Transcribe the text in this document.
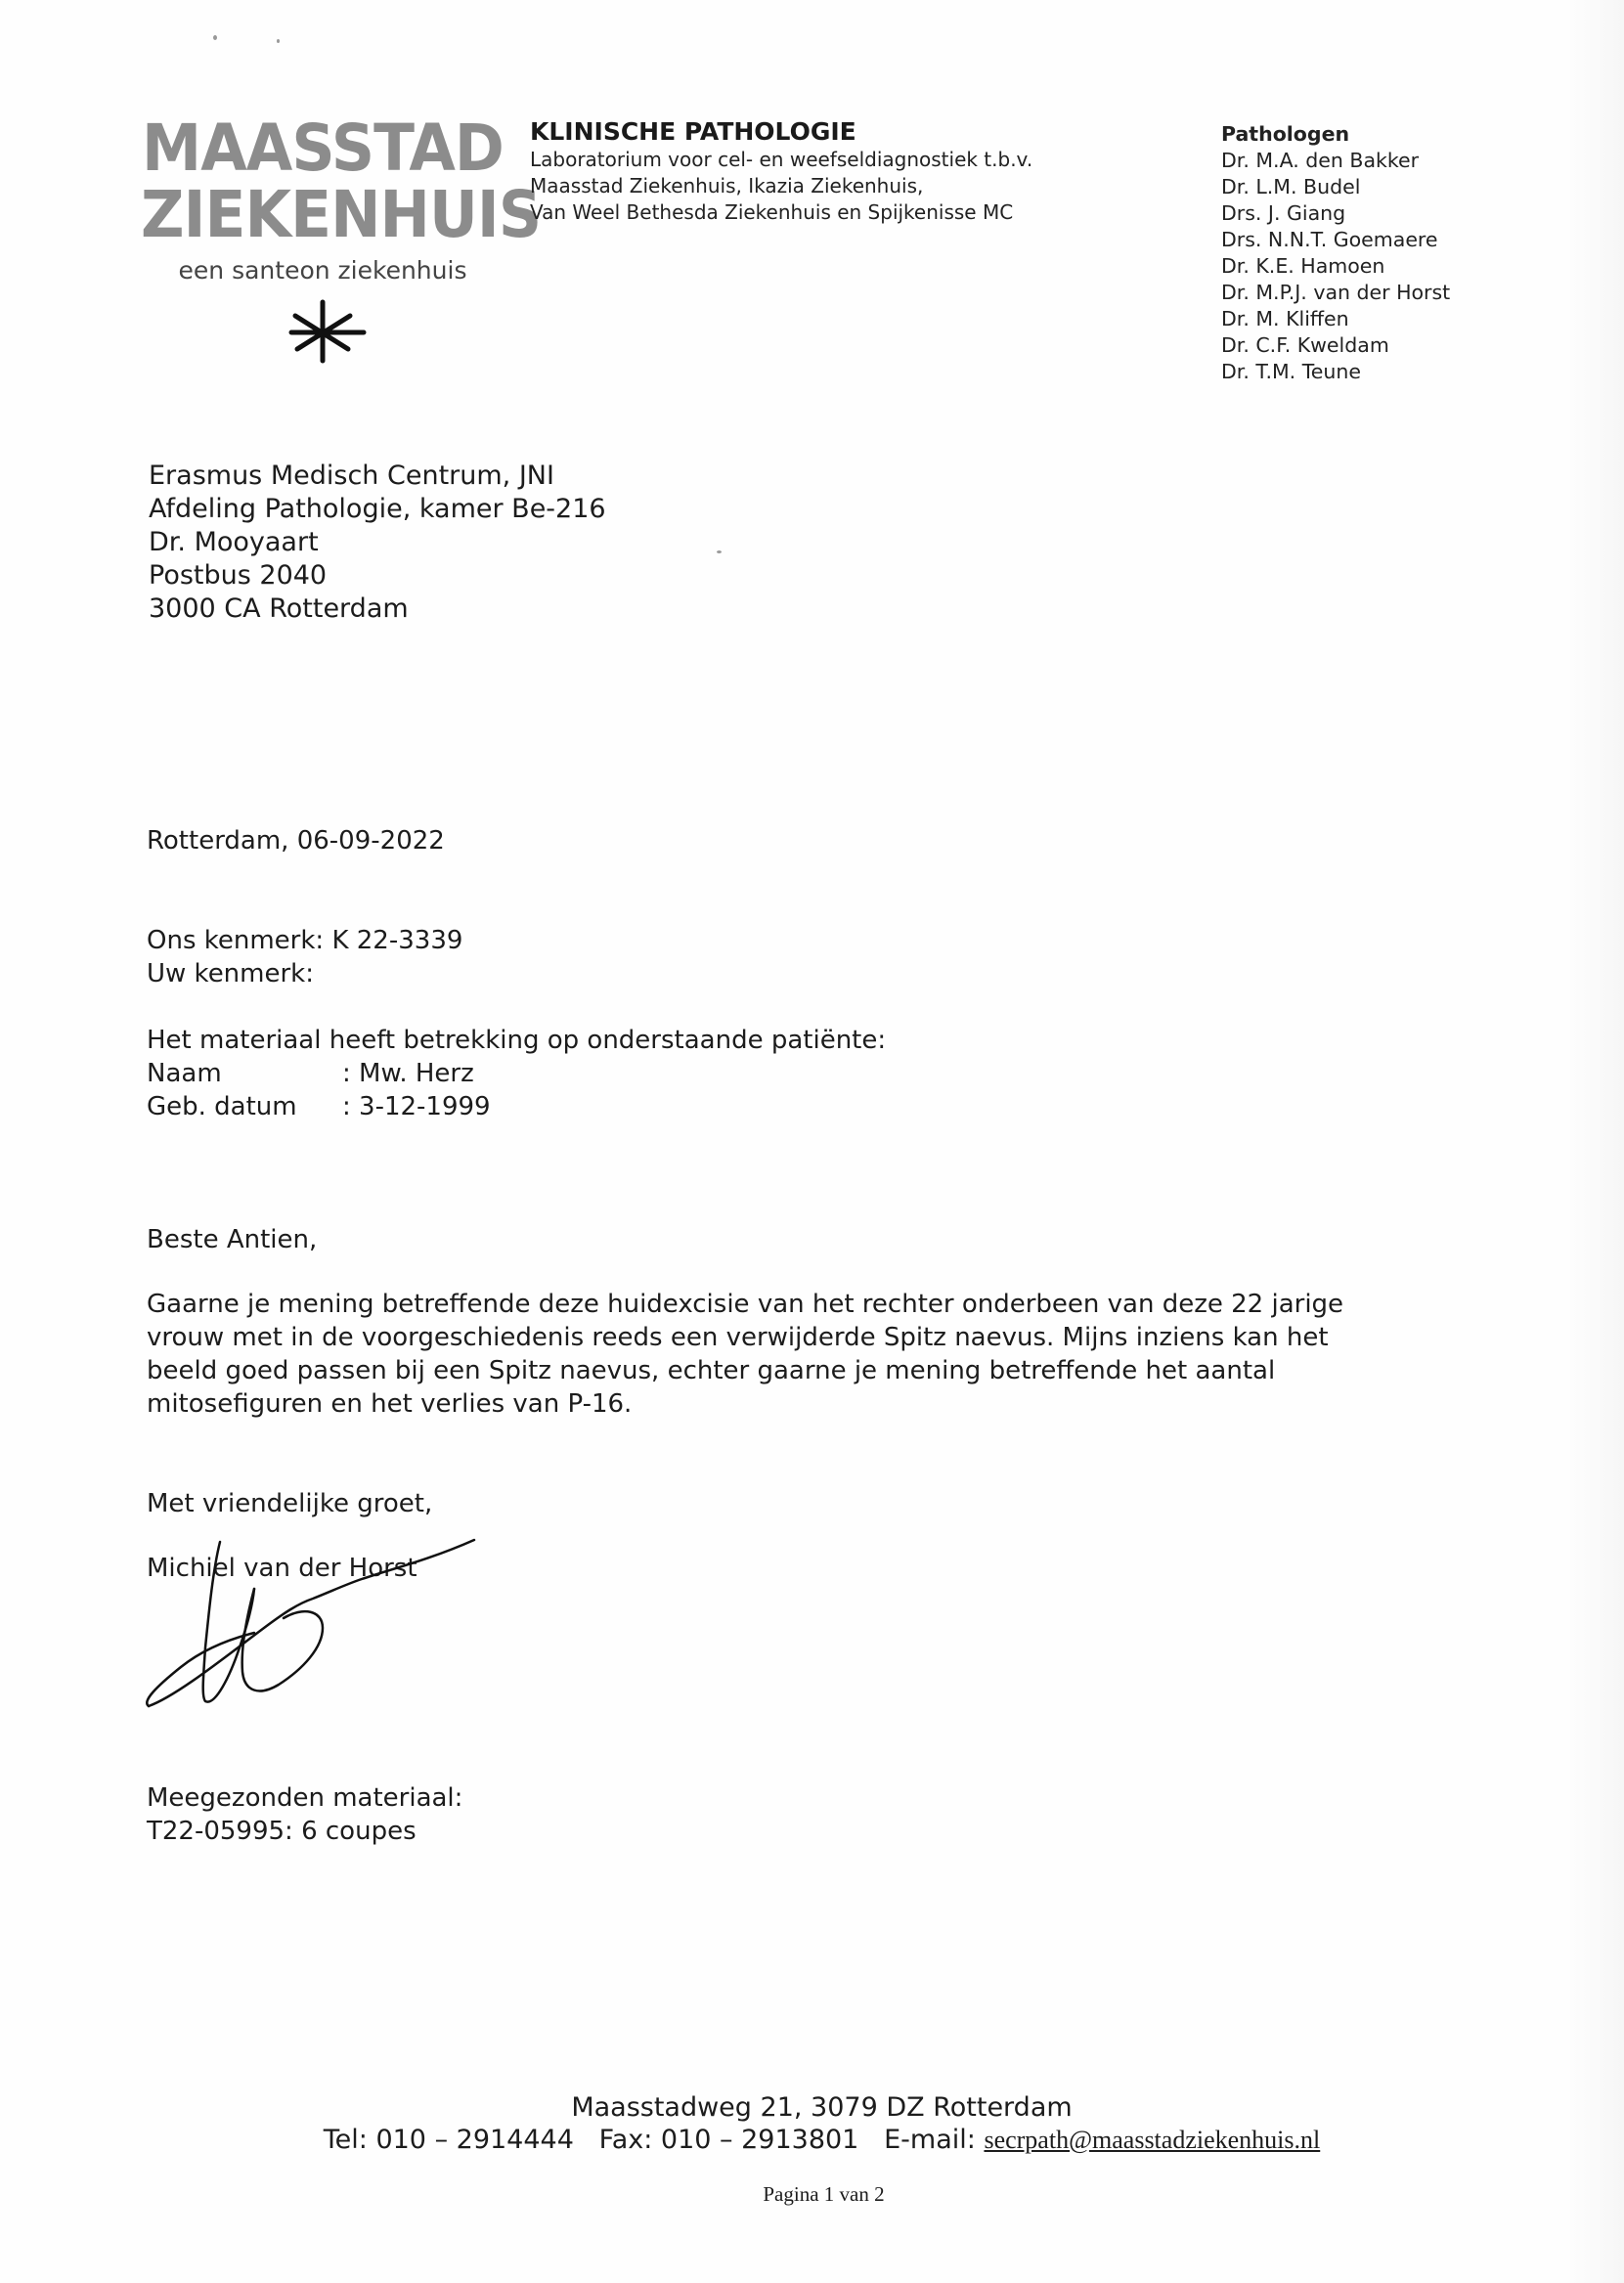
MAASSTAD
ZIEKENHUIS
een santeon ziekenhuis
KLINISCHE PATHOLOGIE
Laboratorium voor cel- en weefseldiagnostiek t.b.v.
Maasstad Ziekenhuis, Ikazia Ziekenhuis,
Van Weel Bethesda Ziekenhuis en Spijkenisse MC
Pathologen
Dr. M.A. den Bakker
Dr. L.M. Budel
Drs. J. Giang
Drs. N.N.T. Goemaere
Dr. K.E. Hamoen
Dr. M.P.J. van der Horst
Dr. M. Kliffen
Dr. C.F. Kweldam
Dr. T.M. Teune
Erasmus Medisch Centrum, JNI
Afdeling Pathologie, kamer Be-216
Dr. Mooyaart
Postbus 2040
3000 CA Rotterdam
Rotterdam, 06-09-2022
Ons kenmerk: K 22-3339
Uw kenmerk:
Het materiaal heeft betrekking op onderstaande patiënte:
Naam	: Mw. Herz
Geb. datum : 3-12-1999
Beste Antien,
Gaarne je mening betreffende deze huidexcisie van het rechter onderbeen van deze 22 jarige
vrouw met in de voorgeschiedenis reeds een verwijderde Spitz naevus. Mijns inziens kan het
beeld goed passen bij een Spitz naevus, echter gaarne je mening betreffende het aantal
mitosefiguren en het verlies van P-16.
Met vriendelijke groet,
Michiel van der Horst
Meegezonden materiaal:
T22-05995: 6 coupes
Maasstadweg 21, 3079 DZ Rotterdam
Tel: 010 – 2914444 Fax: 010 – 2913801 E-mail: secrpath@maasstadziekenhuis.nl
Pagina 1 van 2
